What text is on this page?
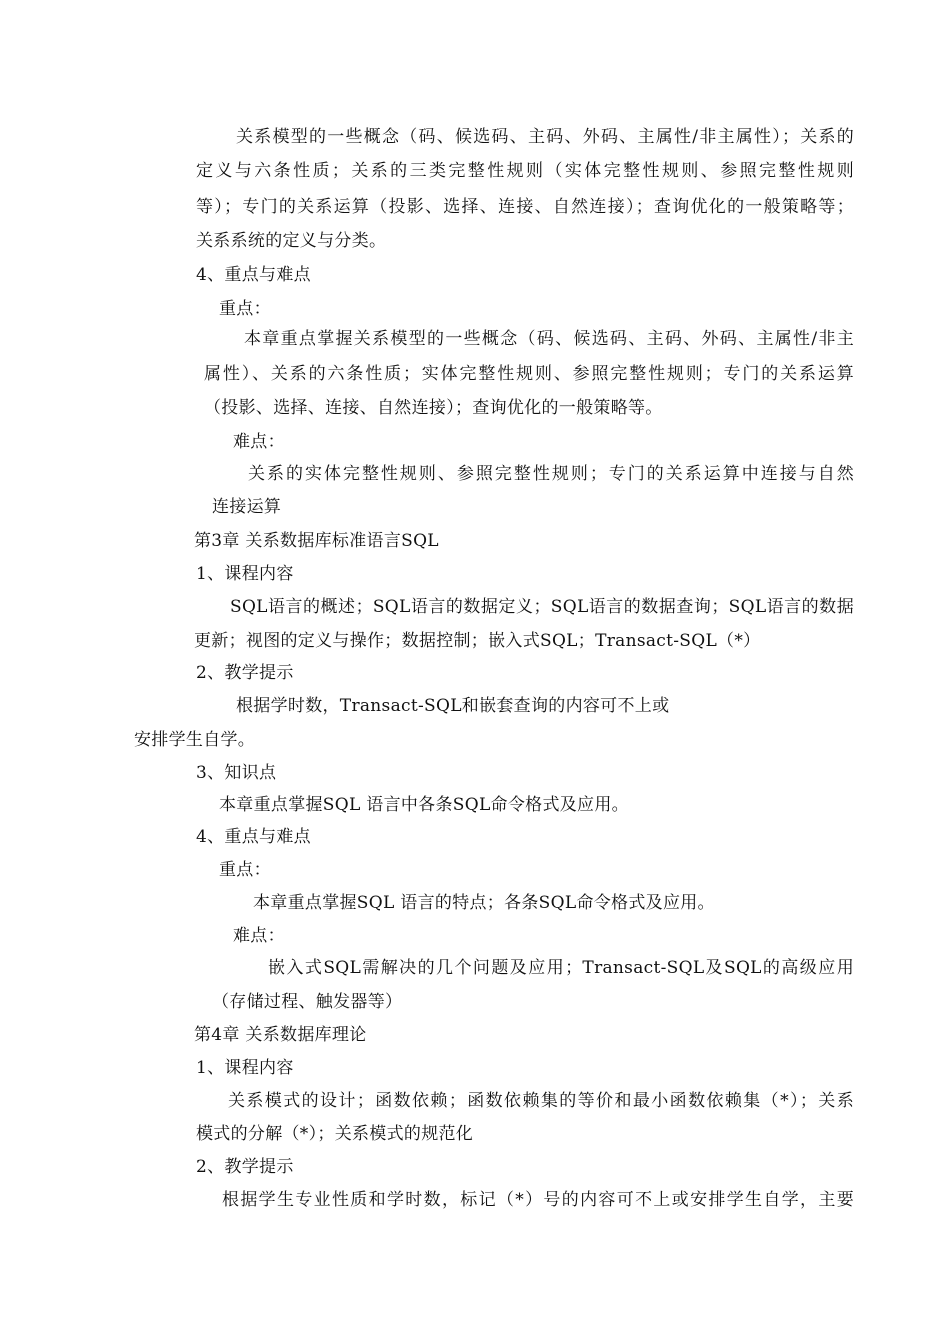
关系模型的一些概念（码、候选码、主码、外码、主属性/非主属性）；关系的
定义与六条性质；关系的三类完整性规则（实体完整性规则、参照完整性规则
等）；专门的关系运算（投影、选择、连接、自然连接）；查询优化的一般策略等；
关系系统的定义与分类。
4、重点与难点
重点：
本章重点掌握关系模型的一些概念（码、候选码、主码、外码、主属性/非主
属性）、关系的六条性质；实体完整性规则、参照完整性规则；专门的关系运算
（投影、选择、连接、自然连接）；查询优化的一般策略等。
难点：
关系的实体完整性规则、参照完整性规则；专门的关系运算中连接与自然
连接运算
第3章 关系数据库标准语言SQL
1、课程内容
SQL语言的概述；SQL语言的数据定义；SQL语言的数据查询；SQL语言的数据
更新；视图的定义与操作；数据控制；嵌入式SQL；Transact-SQL（*）
2、教学提示
根据学时数，Transact-SQL和嵌套查询的内容可不上或
安排学生自学。
3、知识点
本章重点掌握SQL 语言中各条SQL命令格式及应用。
4、重点与难点
重点：
本章重点掌握SQL 语言的特点；各条SQL命令格式及应用。
难点：
嵌入式SQL需解决的几个问题及应用；Transact-SQL及SQL的高级应用
（存储过程、触发器等）
第4章 关系数据库理论
1、课程内容
关系模式的设计；函数依赖；函数依赖集的等价和最小函数依赖集（*）；关系
模式的分解（*）；关系模式的规范化
2、教学提示
根据学生专业性质和学时数，标记（*）号的内容可不上或安排学生自学，主要
